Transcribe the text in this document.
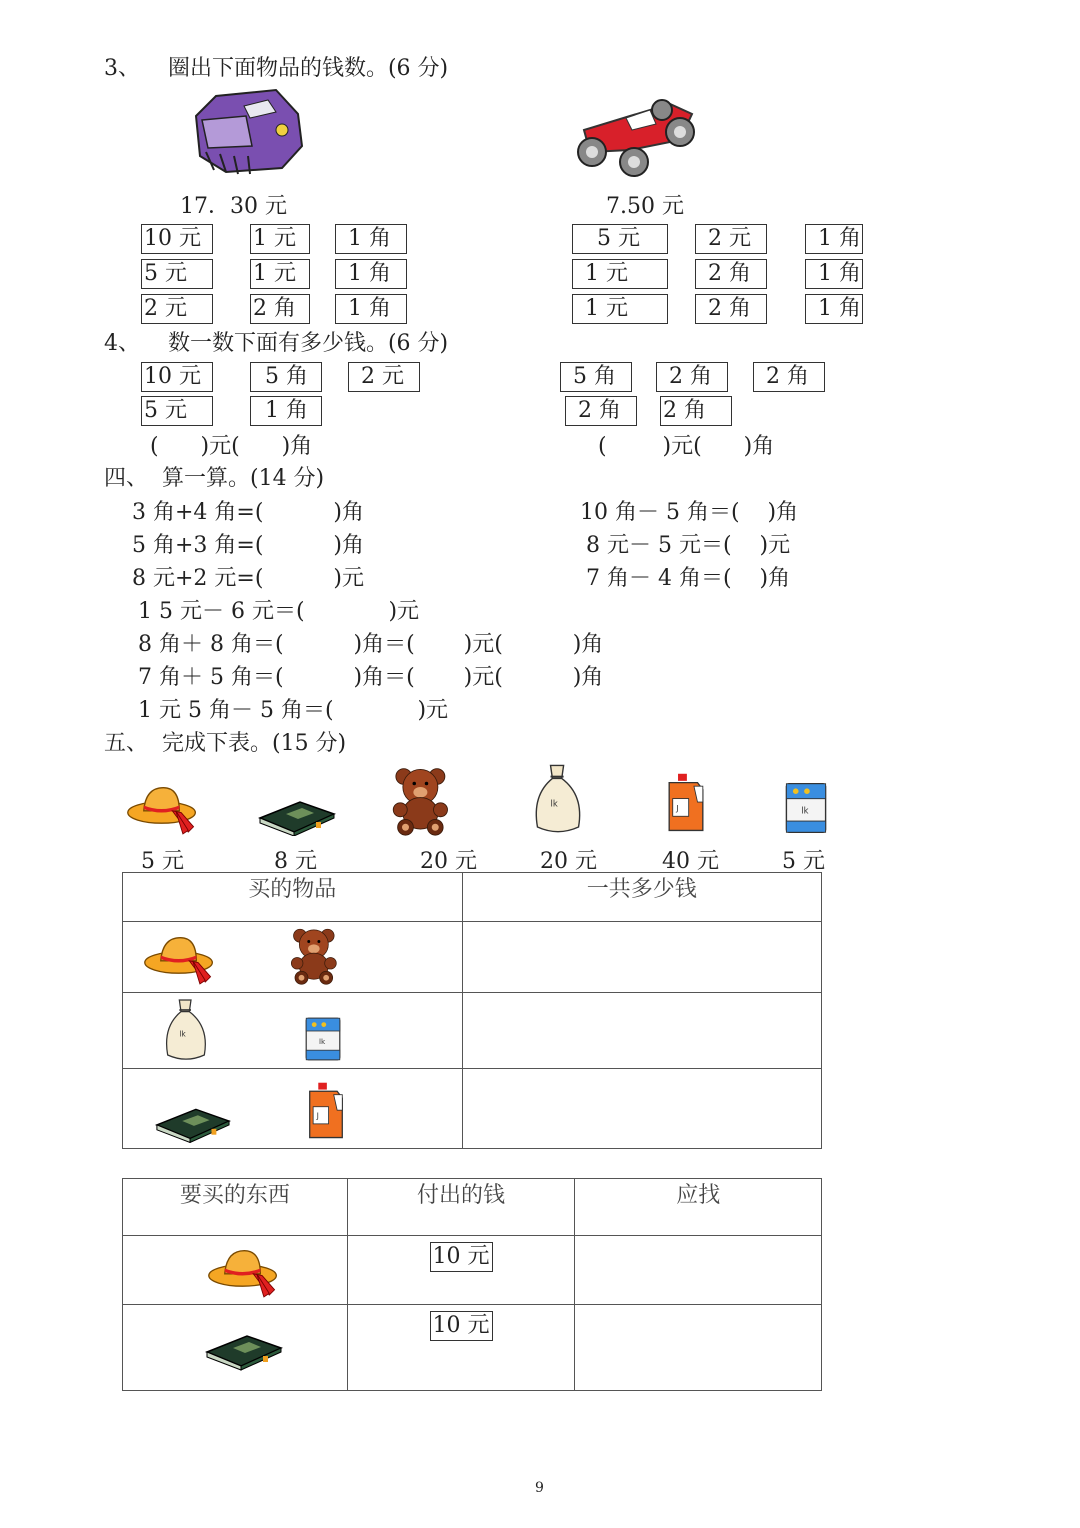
3、    圈出下面物品的钱数。(6 分)
17．30 元	7.50 元
10 元	1 元	1 角
5 元	1 元	1 角
2 元	2 角	1 角
5 元	2 元	1 角
1 元	2 角	1 角
1 元	2 角	1 角
4、    数一数下面有多少钱。(6 分)
10 元	5 角	2 元
5 元	1 角
5 角	2 角	2 角
2 角	2 角
(      )元(      )角	(        )元(      )角
四、  算一算。(14 分)
3 角+4 角=(          )角
5 角+3 角=(          )角
8 元+2 元=(          )元
10 角－ 5 角＝(    )角
8 元－ 5 元＝(    )元
7 角－ 4 角＝(    )角
1 5 元－ 6 元＝(            )元
8 角＋ 8 角＝(          )角＝(       )元(          )角
7 角＋ 5 角＝(          )角＝(       )元(          )角
1 元 5 角－ 5 角＝(            )元
五、  完成下表。(15 分)
5 元	8 元	20 元	20 元	40 元	5 元
买的物品	一共多少钱

要买的东西	付出的钱	应找

	10 元	

	10 元	
9
